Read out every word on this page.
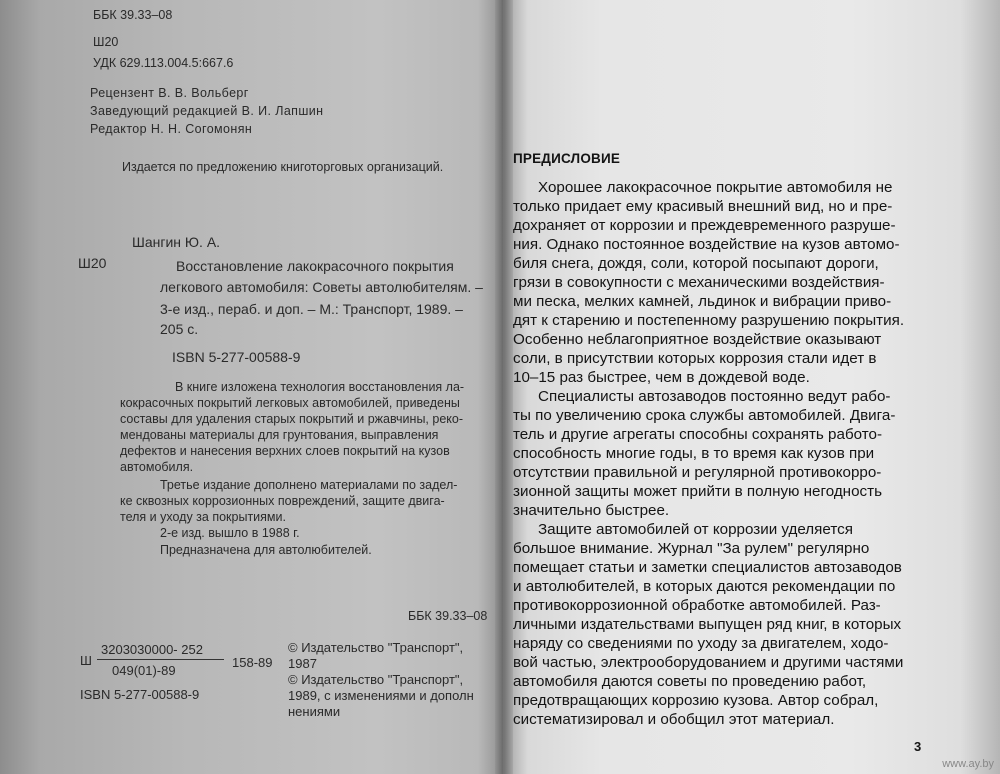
ББК 39.33–08
Ш20
УДК 629.113.004.5:667.6
Рецензент В. В. Вольберг
Заведующий редакцией В. И. Лапшин
Редактор Н. Н. Согомонян
Издается по предложению книготорговых организаций.
Шангин Ю. А.
Ш20	Восстановление лакокрасочного покрытия
легкового автомобиля: Советы автолюбителям. –
3-е изд., пераб. и доп. – М.: Транспорт, 1989. –
205 с.
ISBN 5-277-00588-9
В книге изложена технология восстановления ла-
кокрасочных покрытий легковых автомобилей, приведены
составы для удаления старых покрытий и ржавчины, реко-
мендованы материалы для грунтования, выправления
дефектов и нанесения верхних слоев покрытий на кузов
автомобиля.
Третье издание дополнено материалами по задел-
ке сквозных коррозионных повреждений, защите двига-
теля и уходу за покрытиями.
2-е изд. вышло в 1988 г.
Предназначена для автолюбителей.
ББК 39.33–08
Ш
3203030000- 252
049(01)-89
158-89
© Издательство "Транспорт",
1987
© Издательство "Транспорт",
1989, с изменениями и дополн
нениями
ISBN 5-277-00588-9
ПРЕДИСЛОВИЕ
Хорошее лакокрасочное покрытие автомобиля не
только придает ему красивый внешний вид, но и пре-
дохраняет от коррозии и преждевременного разруше-
ния. Однако постоянное воздействие на кузов автомо-
биля снега, дождя, соли, которой посыпают дороги,
грязи в совокупности с механическими воздействия-
ми песка, мелких камней, льдинок и вибрации приво-
дят к старению и постепенному разрушению покрытия.
Особенно неблагоприятное воздействие оказывают
соли, в присутствии которых коррозия стали идет в
10–15 раз быстрее, чем в дождевой воде.
Специалисты автозаводов постоянно ведут рабо-
ты по увеличению срока службы автомобилей. Двига-
тель и другие агрегаты способны сохранять работо-
способность многие годы, в то время как кузов при
отсутствии правильной и регулярной противокорро-
зионной защиты может прийти в полную негодность
значительно быстрее.
Защите автомобилей от коррозии уделяется
большое внимание. Журнал "За рулем" регулярно
помещает статьи и заметки специалистов автозаводов
и автолюбителей, в которых даются рекомендации по
противокоррозионной обработке автомобилей. Раз-
личными издательствами выпущен ряд книг, в которых
наряду со сведениями по уходу за двигателем, ходо-
вой частью, электрооборудованием и другими частями
автомобиля даются советы по проведению работ,
предотвращающих коррозию кузова. Автор собрал,
систематизировал и обобщил этот материал.
3
www.ay.by
